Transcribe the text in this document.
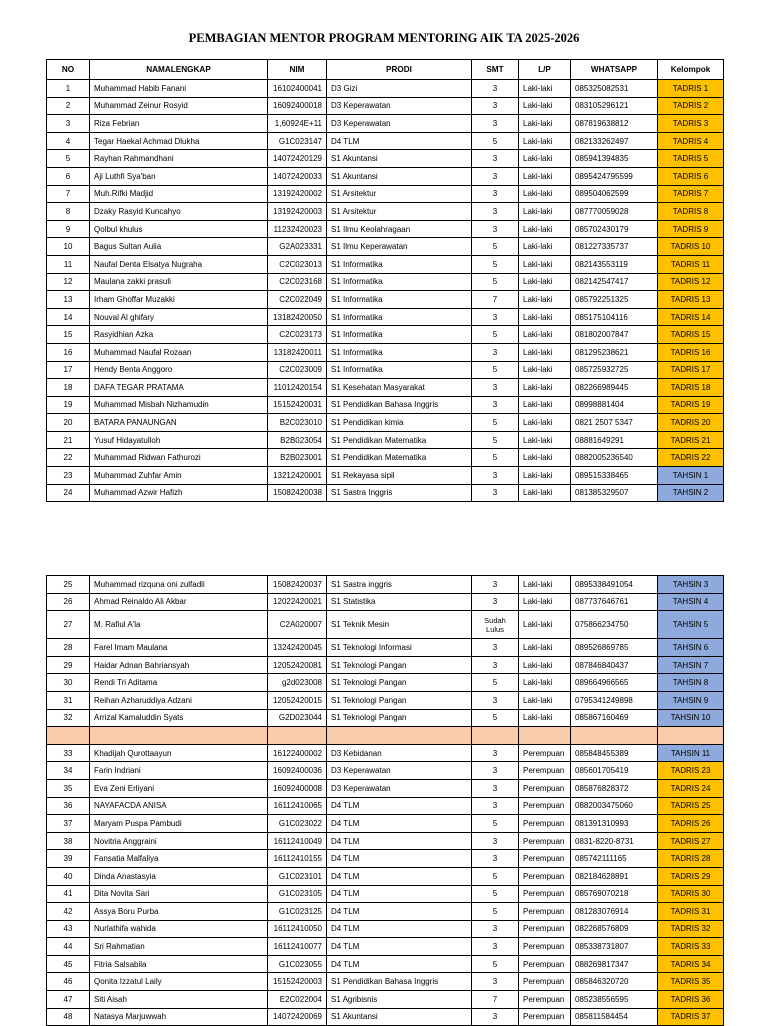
PEMBAGIAN MENTOR PROGRAM MENTORING AIK TA 2025-2026
NO	NAMALENGKAP	NIM	PRODI	SMT	L/P	WHATSAPP	Kelompok
1	Muhammad Habib Fanani	16102400041	D3 Gizi	3	Laki-laki	085325082531	TADRIS 1
2	Muhammad Zeinur Rosyid	16092400018	D3 Keperawatan	3	Laki-laki	083105296121	TADRIS 2
3	Riza Febrian	1,60924E+11	D3 Keperawatan	3	Laki-laki	087819638812	TADRIS 3
4	Tegar Haekal Achmad Dlukha	G1C023147	D4 TLM	5	Laki-laki	082133262497	TADRIS 4
5	Rayhan Rahmandhani	14072420129	S1 Akuntansi	3	Laki-laki	085941394835	TADRIS 5
6	Aji Luthfi Sya'ban	14072420033	S1 Akuntansi	3	Laki-laki	0895424795599	TADRIS 6
7	Muh.Rifki Madjid	13192420002	S1 Arsitektur	3	Laki-laki	089504062599	TADRIS 7
8	Dzaky Rasyid Kuncahyo	13192420003	S1 Arsitektur	3	Laki-laki	087770059028	TADRIS 8
9	Qolbul khulus	11232420023	S1 Ilmu Keolahragaan	3	Laki-laki	085702430179	TADRIS 9
10	Bagus Sultan Aulia	G2A023331	S1 Ilmu Keperawatan	5	Laki-laki	081227335737	TADRIS 10
11	Naufal Denta Elsatya Nugraha	C2C023013	S1 Informatika	5	Laki-laki	082143553119	TADRIS 11
12	Maulana zakki prasuli	C2C023168	S1 Informatika	5	Laki-laki	082142547417	TADRIS 12
13	Irham Ghoffar Muzakki	C2C022049	S1 Informatika	7	Laki-laki	085792251325	TADRIS 13
14	Nouval Al ghifary	13182420050	S1 Informatika	3	Laki-laki	085175104116	TADRIS 14
15	Rasyidhian Azka	C2C023173	S1 Informatika	5	Laki-laki	081802007847	TADRIS 15
16	Muhammad Naufal Rozaan	13182420011	S1 Informatika	3	Laki-laki	081295238621	TADRIS 16
17	Hendy Benta Anggoro	C2C023009	S1 Informatika	5	Laki-laki	085725932725	TADRIS 17
18	DAFA TEGAR PRATAMA	11012420154	S1 Kesehatan Masyarakat	3	Laki-laki	082266989445	TADRIS 18
19	Muhammad Misbah Nizhamudin	15152420031	S1 Pendidikan Bahasa Inggris	3	Laki-laki	08998881404	TADRIS 19
20	BATARA PANAUNGAN	B2C023010	S1 Pendidikan kimia	5	Laki-laki	0821 2507 5347	TADRIS 20
21	Yusuf Hidayatulloh	B2B023054	S1 Pendidikan Matematika	5	Laki-laki	08881649291	TADRIS 21
22	Muhammad Ridwan Fathurozi	B2B023001	S1 Pendidikan Matematika	5	Laki-laki	0882005236540	TADRIS 22
23	Muhammad Zuhfar Amin	13212420001	S1 Rekayasa sipil	3	Laki-laki	089515338465	TAHSIN 1
24	Muhammad Azwir Hafizh	15082420038	S1 Sastra Inggris	3	Laki-laki	081385329507	TAHSIN 2
25	Muhammad rizquna oni zulfadli	15082420037	S1 Sastra inggris	3	Laki-laki	0895338491054	TAHSIN 3
26	Ahmad Reinaldo Ali Akbar	12022420021	S1 Statistika	3	Laki-laki	087737646761	TAHSIN 4
27	M. Rafiul A'la	C2A020007	S1 Teknik Mesin	Sudah Lulus	Laki-laki	075866234750	TAHSIN 5
28	Farel Imam Maulana	13242420045	S1 Teknologi Informasi	3	Laki-laki	089526869785	TAHSIN 6
29	Haidar Adnan Bahriansyah	12052420081	S1 Teknologi Pangan	3	Laki-laki	087846840437	TAHSIN 7
30	Rendi Tri Aditama	g2d023008	S1 Teknologi Pangan	5	Laki-laki	089664966565	TAHSIN 8
31	Reihan Azharuddiya Adzani	12052420015	S1 Teknologi Pangan	3	Laki-laki	0795341249898	TAHSIN 9
32	Arrizal Kamaluddin Syats	G2D023044	S1 Teknologi Pangan	5	Laki-laki	085867160469	TAHSIN 10

33	Khadijah Qurottaayun	16122400002	D3 Kebidanan	3	Perempuan	085848455389	TAHSIN 11
34	Farin Indriani	16092400036	D3 Keperawatan	3	Perempuan	085601705419	TADRIS 23
35	Eva Zeni Erliyani	16092400008	D3 Keperawatan	3	Perempuan	085876828372	TADRIS 24
36	NAYAFACDA ANISA	16112410065	D4 TLM	3	Perempuan	0882003475060	TADRIS 25
37	Maryam Puspa Pambudi	G1C023022	D4 TLM	5	Perempuan	081391310993	TADRIS 26
38	Novitria Anggraini	16112410049	D4 TLM	3	Perempuan	0831-8220-8731	TADRIS 27
39	Fansatia Malfaliya	16112410155	D4 TLM	3	Perempuan	085742111165	TADRIS 28
40	Dinda Anastasyia	G1C023101	D4 TLM	5	Perempuan	082184628891	TADRIS 29
41	Dita Novita Sari	G1C023105	D4 TLM	5	Perempuan	085769070218	TADRIS 30
42	Assya Boru Purba	G1C023125	D4 TLM	5	Perempuan	081283076914	TADRIS 31
43	Nurlathifa wahida	16112410050	D4 TLM	3	Perempuan	082268576809	TADRIS 32
44	Sri Rahmatian	16112410077	D4 TLM	3	Perempuan	085338731807	TADRIS 33
45	Fitria Salsabila	G1C023055	D4 TLM	5	Perempuan	088269817347	TADRIS 34
46	Qonita Izzatul Laily	15152420003	S1 Pendidikan Bahasa Inggris	3	Perempuan	085846320720	TADRIS 35
47	Siti Aisah	E2C022004	S1 Agribisnis	7	Perempuan	085238556595	TADRIS 36
48	Natasya Marjuwwah	14072420069	S1 Akuntansi	3	Perempuan	085811584454	TADRIS 37
